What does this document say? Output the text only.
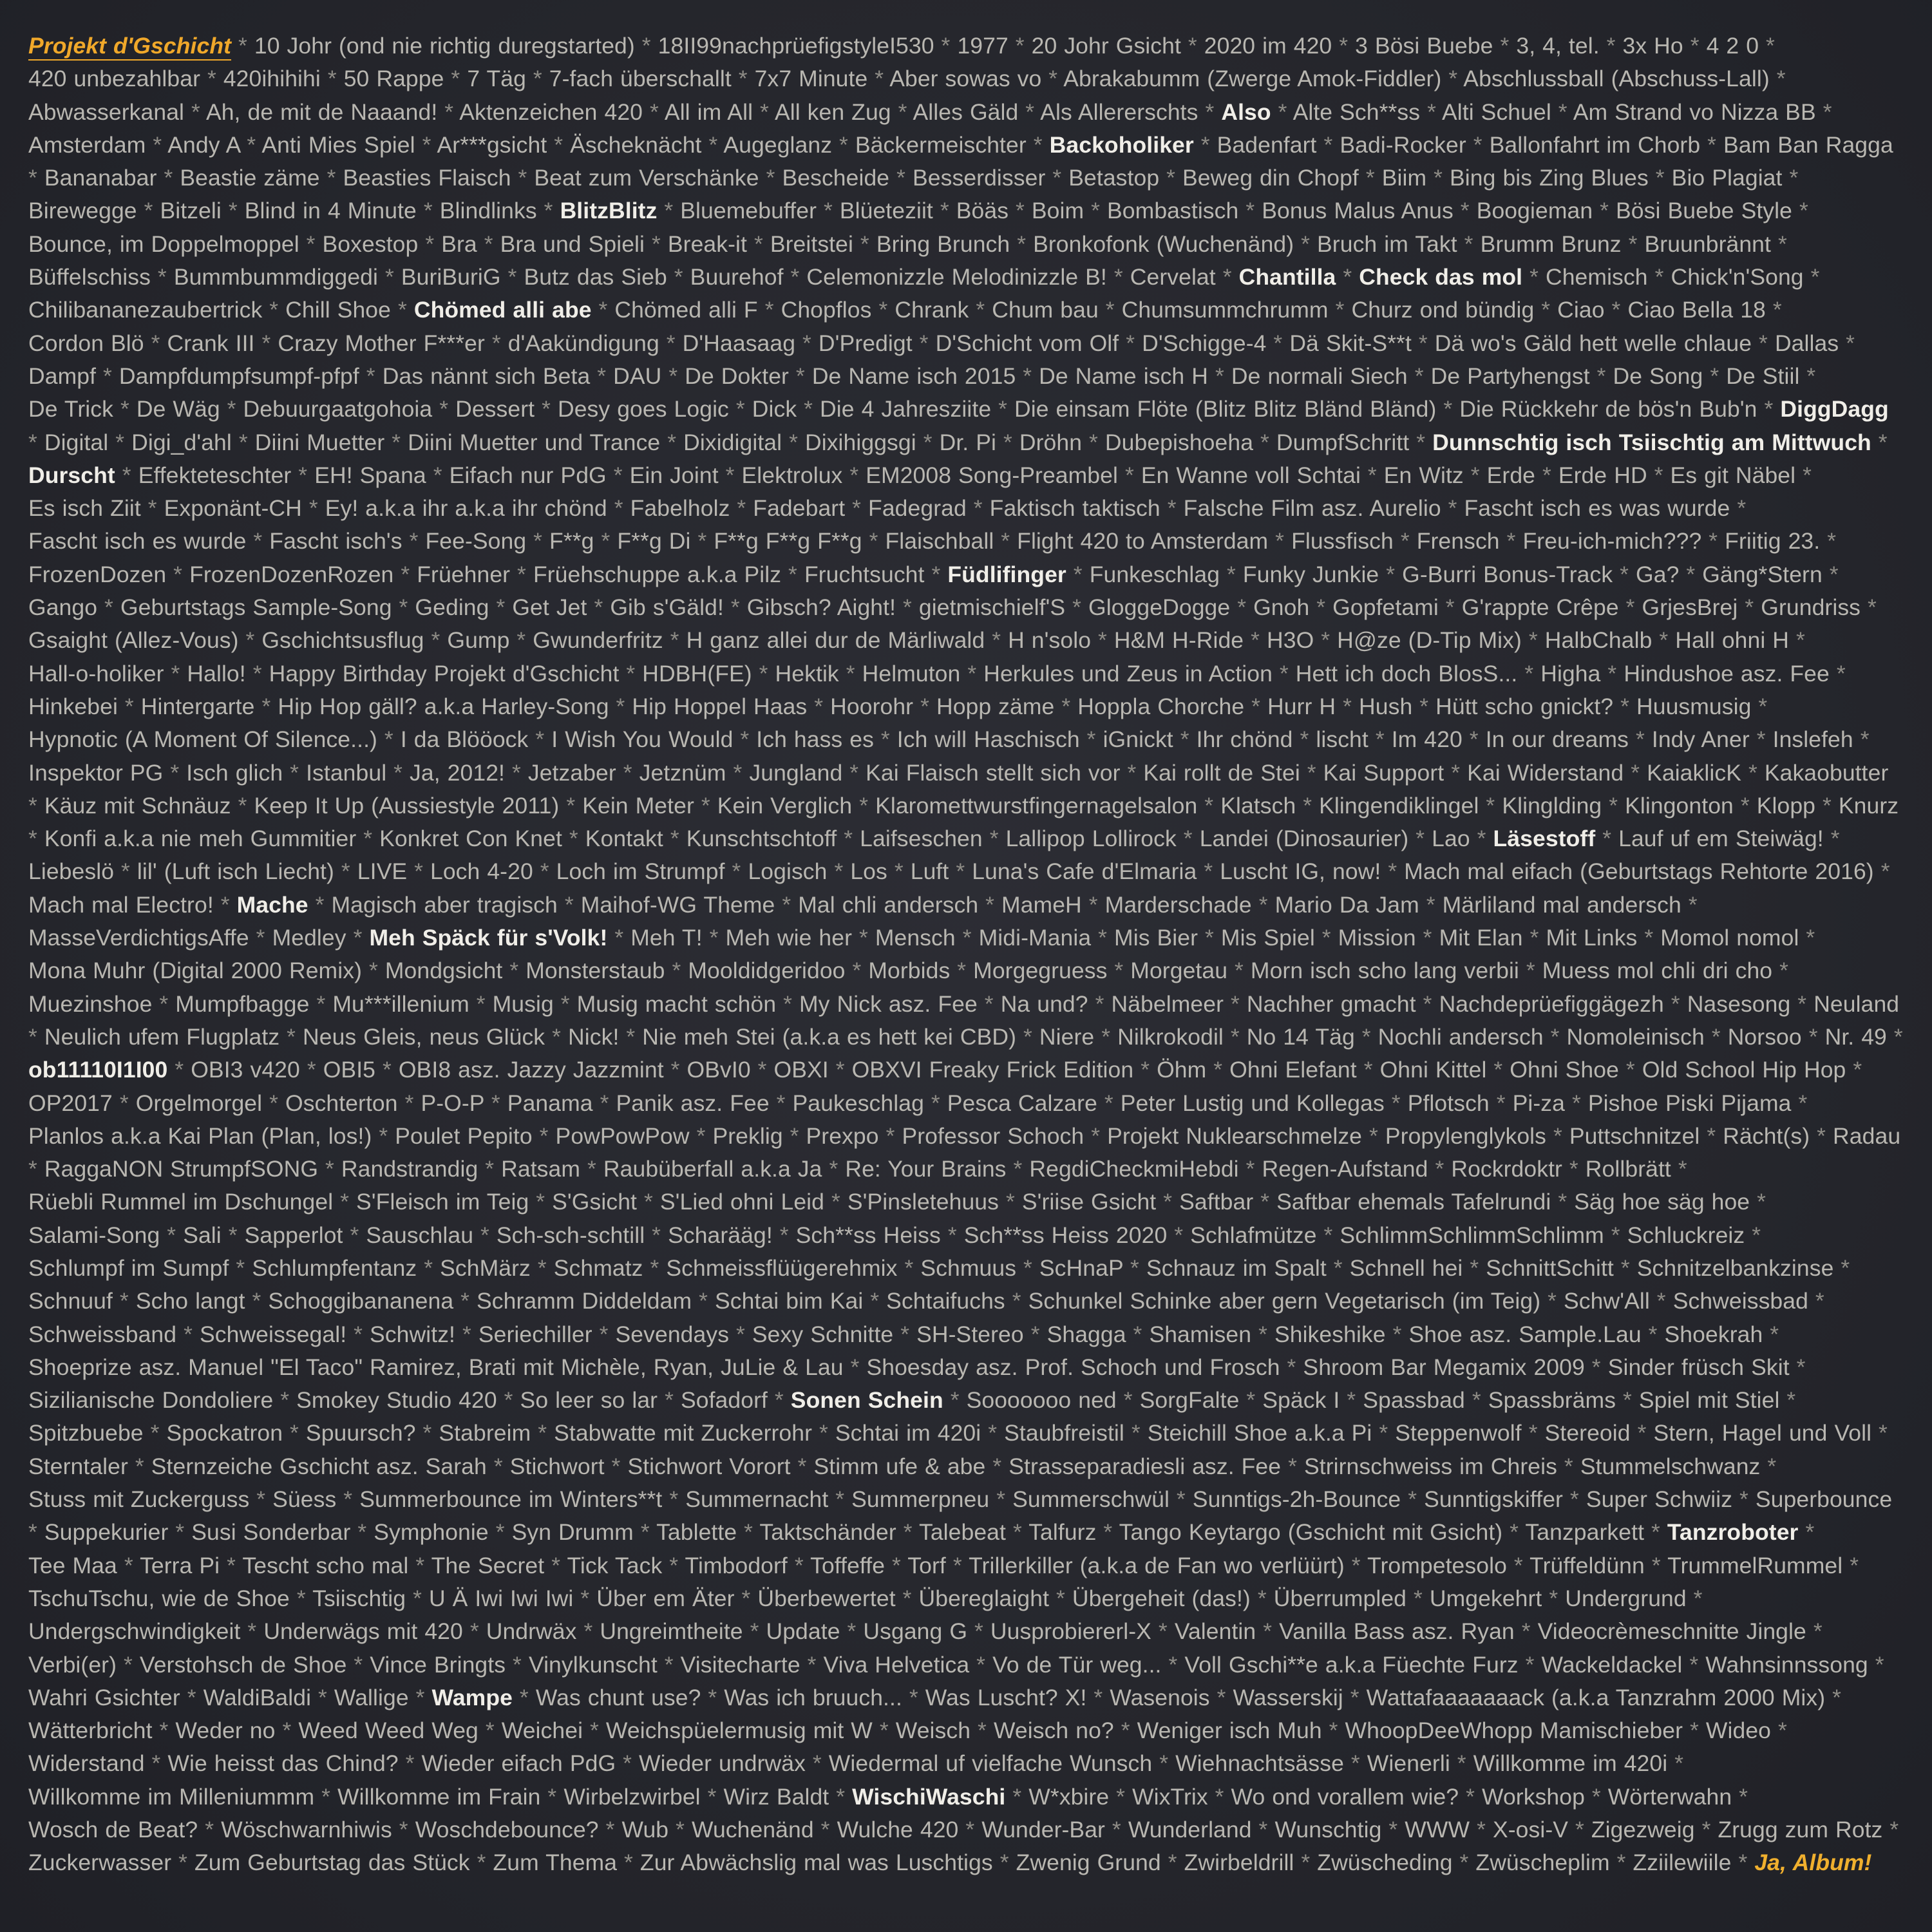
Projekt d'Gschicht * 10 Johr (ond nie richtig duregstarted) * 18II99nachprüefigstyleI530 * 1977 * 20 Johr Gsicht * 2020 im 420 * 3 Bösi Buebe * 3, 4, tel. * 3x Ho * 4 2 0 * 420 unbezahlbar * 420ihihihi * 50 Rappe * 7 Täg * 7-fach überschallt * 7x7 Minute * Aber sowas vo * Abrakabumm (Zwerge Amok-Fiddler) * Abschlussball (Abschuss-Lall) * Abwasserkanal * Ah, de mit de Naaand! * Aktenzeichen 420 * All im All * All ken Zug * Alles Gäld * Als Allererschts * Also * Alte Sch**ss * Alti Schuel * Am Strand vo Nizza BB * Amsterdam * Andy A * Anti Mies Spiel * Ar***gsicht * Äscheknächt * Augeglanz * Bäckermeischter * Backoholiker * Badenfart * Badi-Rocker * Ballonfahrt im Chorb * Bam Ban Ragga * Bananabar * Beastie zäme * Beasties Flaisch * Beat zum Verschänke * Bescheide * Besserdisser * Betastop * Beweg din Chopf * Biim * Bing bis Zing Blues * Bio Plagiat * Birewegge * Bitzeli * Blind in 4 Minute * Blindlinks * BlitzBlitz * Bluemebuffer * Blüeteziit * Böäs * Boim * Bombastisch * Bonus Malus Anus * Boogieman * Bösi Buebe Style * Bounce, im Doppelmoppel * Boxestop * Bra * Bra und Spieli * Break-it * Breitstei * Bring Brunch * Bronkofonk (Wuchenänd) * Bruch im Takt * Brumm Brunz * Bruunbrännt * Büffelschiss * Bummbummdiggedi * BuriBuriG * Butz das Sieb * Buurehof * Celemonizzle Melodinizzle B! * Cervelat * Chantilla * Check das mol * Chemisch * Chick'n'Song * Chilibananezaubertrick * Chill Shoe * Chömed alli abe * Chömed alli F * Chopflos * Chrank * Chum bau * Chumsummchrumm * Churz ond bündig * Ciao * Ciao Bella 18 * Cordon Blö * Crank III * Crazy Mother F***er * d'Aakündigung * D'Haasaag * D'Predigt * D'Schicht vom Olf * D'Schigge-4 * Dä Skit-S**t * Dä wo's Gäld hett welle chlaue * Dallas * Dampf * Dampfdumpfsumpf-pfpf * Das nännt sich Beta * DAU * De Dokter * De Name isch 2015 * De Name isch H * De normali Siech * De Partyhengst * De Song * De Stiil * De Trick * De Wäg * Debuurgaatgohoia * Dessert * Desy goes Logic * Dick * Die 4 Jahresziite * Die einsam Flöte (Blitz Blitz Bländ Bländ) * Die Rückkehr de bös'n Bub'n * DiggDagg * Digital * Digi_d'ahl * Diini Muetter * Diini Muetter und Trance * Dixidigital * Dixihiggsgi * Dr. Pi * Dröhn * Dubepishoeha * DumpfSchritt * Dunnschtig isch Tsiischtig am Mittwuch * Durscht * Effekteteschter * EH! Spana * Eifach nur PdG * Ein Joint * Elektrolux * EM2008 Song-Preambel * En Wanne voll Schtai * En Witz * Erde * Erde HD * Es git Näbel * Es isch Ziit * Exponänt-CH * Ey! a.k.a ihr a.k.a ihr chönd * Fabelholz * Fadebart * Fadegrad * Faktisch taktisch * Falsche Film asz. Aurelio * Fascht isch es was wurde * Fascht isch es wurde * Fascht isch's * Fee-Song * F**g * F**g Di * F**g F**g F**g * Flaischball * Flight 420 to Amsterdam * Flussfisch * Frensch * Freu-ich-mich??? * Friitig 23. * FrozenDozen * FrozenDozenRozen * Früehner * Früehschuppe a.k.a Pilz * Fruchtsucht * Füdlifinger * Funkeschlag * Funky Junkie * G-Burri Bonus-Track * Ga? * Gäng*Stern * Gango * Geburtstags Sample-Song * Geding * Get Jet * Gib s'Gäld! * Gibsch? Aight! * gietmischielf'S * GloggeDogge * Gnoh * Gopfetami * G'rappte Crêpe * GrjesBrej * Grundriss * Gsaight (Allez-Vous) * Gschichtsusflug * Gump * Gwunderfritz * H ganz allei dur de Märliwald * H n'solo * H&M H-Ride * H3O * H@ze (D-Tip Mix) * HalbChalb * Hall ohni H * Hall-o-holiker * Hallo! * Happy Birthday Projekt d'Gschicht * HDBH(FE) * Hektik * Helmuton * Herkules und Zeus in Action * Hett ich doch BlosS... * Higha * Hindushoe asz. Fee * Hinkebei * Hintergarte * Hip Hop gäll? a.k.a Harley-Song * Hip Hoppel Haas * Hoorohr * Hopp zäme * Hoppla Chorche * Hurr H * Hush * Hütt scho gnickt? * Huusmusig * Hypnotic (A Moment Of Silence...) * I da Blööock * I Wish You Would * Ich hass es * Ich will Haschisch * iGnickt * Ihr chönd * lischt * Im 420 * In our dreams * Indy Aner * Inslefeh * Inspektor PG * Isch glich * Istanbul * Ja, 2012! * Jetzaber * Jetznüm * Jungland * Kai Flaisch stellt sich vor * Kai rollt de Stei * Kai Support * Kai Widerstand * KaiaklicK * Kakaobutter * Käuz mit Schnäuz * Keep It Up (Aussiestyle 2011) * Kein Meter * Kein Verglich * Klaromettwurstfingernagelsalon * Klatsch * Klingendiklingel * Klinglding * Klingonton * Klopp * Knurz * Konfi a.k.a nie meh Gummitier * Konkret Con Knet * Kontakt * Kunschtschtoff * Laifseschen * Lallipop Lollirock * Landei (Dinosaurier) * Lao * Läsestoff * Lauf uf em Steiwäg! * Liebeslö * lil' (Luft isch Liecht) * LIVE * Loch 4-20 * Loch im Strumpf * Logisch * Los * Luft * Luna's Cafe d'Elmaria * Luscht IG, now! * Mach mal eifach (Geburtstags Rehtorte 2016) * Mach mal Electro! * Mache * Magisch aber tragisch * Maihof-WG Theme * Mal chli andersch * MameH * Marderschade * Mario Da Jam * Märliland mal andersch * MasseVerdichtigsAffe * Medley * Meh Späck für s'Volk! * Meh T! * Meh wie her * Mensch * Midi-Mania * Mis Bier * Mis Spiel * Mission * Mit Elan * Mit Links * Momol nomol * Mona Muhr (Digital 2000 Remix) * Mondgsicht * Monsterstaub * Mooldidgeridoo * Morbids * Morgegruess * Morgetau * Morn isch scho lang verbii * Muess mol chli dri cho * Muezinshoe * Mumpfbagge * Mu***illenium * Musig * Musig macht schön * My Nick asz. Fee * Na und? * Näbelmeer * Nachher gmacht * Nachdeprüefiggägezh * Nasesong * Neuland * Neulich ufem Flugplatz * Neus Gleis, neus Glück * Nick! * Nie meh Stei (a.k.a es hett kei CBD) * Niere * Nilkrokodil * No 14 Täg * Nochli andersch * Nomoleinisch * Norsoo * Nr. 49 * ob11110I1I00 * OBI3 v420 * OBI5 * OBI8 asz. Jazzy Jazzmint * OBvI0 * OBXI * OBXVI Freaky Frick Edition * Öhm * Ohni Elefant * Ohni Kittel * Ohni Shoe * Old School Hip Hop * OP2017 * Orgelmorgel * Oschterton * P-O-P * Panama * Panik asz. Fee * Paukeschlag * Pesca Calzare * Peter Lustig und Kollegas * Pflotsch * Pi-za * Pishoe Piski Pijama * Planlos a.k.a Kai Plan (Plan, los!) * Poulet Pepito * PowPowPow * Preklig * Prexpo * Professor Schoch * Projekt Nuklearschmelze * Propylenglykols * Puttschnitzel * Rächt(s) * Radau * RaggaNON StrumpfSONG * Randstrandig * Ratsam * Raubüberfall a.k.a Ja * Re: Your Brains * RegdiCheckmiHebdi * Regen-Aufstand * Rockrdoktr * Rollbrätt * Rüebli Rummel im Dschungel * S'Fleisch im Teig * S'Gsicht * S'Lied ohni Leid * S'Pinsletehuus * S'riise Gsicht * Saftbar * Saftbar ehemals Tafelrundi * Säg hoe säg hoe * Salami-Song * Sali * Sapperlot * Sauschlau * Sch-sch-schtill * Scharääg! * Sch**ss Heiss * Sch**ss Heiss 2020 * Schlafmütze * SchlimmSchlimmSchlimm * Schluckreiz * Schlumpf im Sumpf * Schlumpfentanz * SchMärz * Schmatz * Schmeissflüügerehmix * Schmuus * ScHnaP * Schnauz im Spalt * Schnell hei * SchnittSchitt * Schnitzelbankzinse * Schnuuf * Scho langt * Schoggibananena * Schramm Diddeldam * Schtai bim Kai * Schtaifuchs * Schunkel Schinke aber gern Vegetarisch (im Teig) * Schw'All * Schweissbad * Schweissband * Schweissegal! * Schwitz! * Seriechiller * Sevendays * Sexy Schnitte * SH-Stereo * Shagga * Shamisen * Shikeshike * Shoe asz. Sample.Lau * Shoekrah * Shoeprize asz. Manuel "El Taco" Ramirez, Brati mit Michèle, Ryan, JuLie & Lau * Shoesday asz. Prof. Schoch und Frosch * Shroom Bar Megamix 2009 * Sinder früsch Skit * Sizilianische Dondoliere * Smokey Studio 420 * So leer so lar * Sofadorf * Sonen Schein * Sooooooo ned * SorgFalte * Späck I * Spassbad * Spassbräms * Spiel mit Stiel * Spitzbuebe * Spockatron * Spuursch? * Stabreim * Stabwatte mit Zuckerrohr * Schtai im 420i * Staubfreistil * Steichill Shoe a.k.a Pi * Steppenwolf * Stereoid * Stern, Hagel und Voll * Sterntaler * Sternzeiche Gschicht asz. Sarah * Stichwort * Stichwort Vorort * Stimm ufe & abe * Strasseparadiesli asz. Fee * Strirnschweiss im Chreis * Stummelschwanz * Stuss mit Zuckerguss * Süess * Summerbounce im Winters**t * Summernacht * Summerpneu * Summerschwül * Sunntigs-2h-Bounce * Sunntigskiffer * Super Schwiiz * Superbounce * Suppekurier * Susi Sonderbar * Symphonie * Syn Drumm * Tablette * Taktschänder * Talebeat * Talfurz * Tango Keytargo (Gschicht mit Gsicht) * Tanzparkett * Tanzroboter * Tee Maa * Terra Pi * Tescht scho mal * The Secret * Tick Tack * Timbodorf * Toffeffe * Torf * Trillerkiller (a.k.a de Fan wo verlüürt) * Trompetesolo * Trüffeldünn * TrummelRummel * TschuTschu, wie de Shoe * Tsiischtig * U Ä Iwi Iwi Iwi * Über em Äter * Überbewertet * Übereglaight * Übergeheit (das!) * Überrumpled * Umgekehrt * Undergrund * Undergschwindigkeit * Underwägs mit 420 * Undrwäx * Ungreimtheite * Update * Usgang G * Uusprobiererl-X * Valentin * Vanilla Bass asz. Ryan * Videocrèmeschnitte Jingle * Verbi(er) * Verstohsch de Shoe * Vince Bringts * Vinylkunscht * Visitecharte * Viva Helvetica * Vo de Tür weg... * Voll Gschi**e a.k.a Füechte Furz * Wackeldackel * Wahnsinnssong * Wahri Gsichter * WaldiBaldi * Wallige * Wampe * Was chunt use? * Was ich bruuch... * Was Luscht? X! * Wasenois * Wasserskij * Wattafaaaaaaack (a.k.a Tanzrahm 2000 Mix) * Wätterbricht * Weder no * Weed Weed Weg * Weichei * Weichspüelermusig mit W * Weisch * Weisch no? * Weniger isch Muh * WhoopDeeWhopp Mamischieber * Wideo * Widerstand * Wie heisst das Chind? * Wieder eifach PdG * Wieder undrwäx * Wiedermal uf vielfache Wunsch * Wiehnachtsässe * Wienerli * Willkomme im 420i * Willkomme im Milleniummm * Willkomme im Frain * Wirbelzwirbel * Wirz Baldt * WischiWaschi * W*xbire * WixTrix * Wo ond vorallem wie? * Workshop * Wörterwahn * Wosch de Beat? * Wöschwarnhiwis * Woschdebounce? * Wub * Wuchenänd * Wulche 420 * Wunder-Bar * Wunderland * Wunschtig * WWW * X-osi-V * Zigezweig * Zrugg zum Rotz * Zuckerwasser * Zum Geburtstag das Stück * Zum Thema * Zur Abwächslig mal was Luschtigs * Zwenig Grund * Zwirbeldrill * Zwüscheding * Zwüscheplim * Zziilewiile * Ja, Album!
